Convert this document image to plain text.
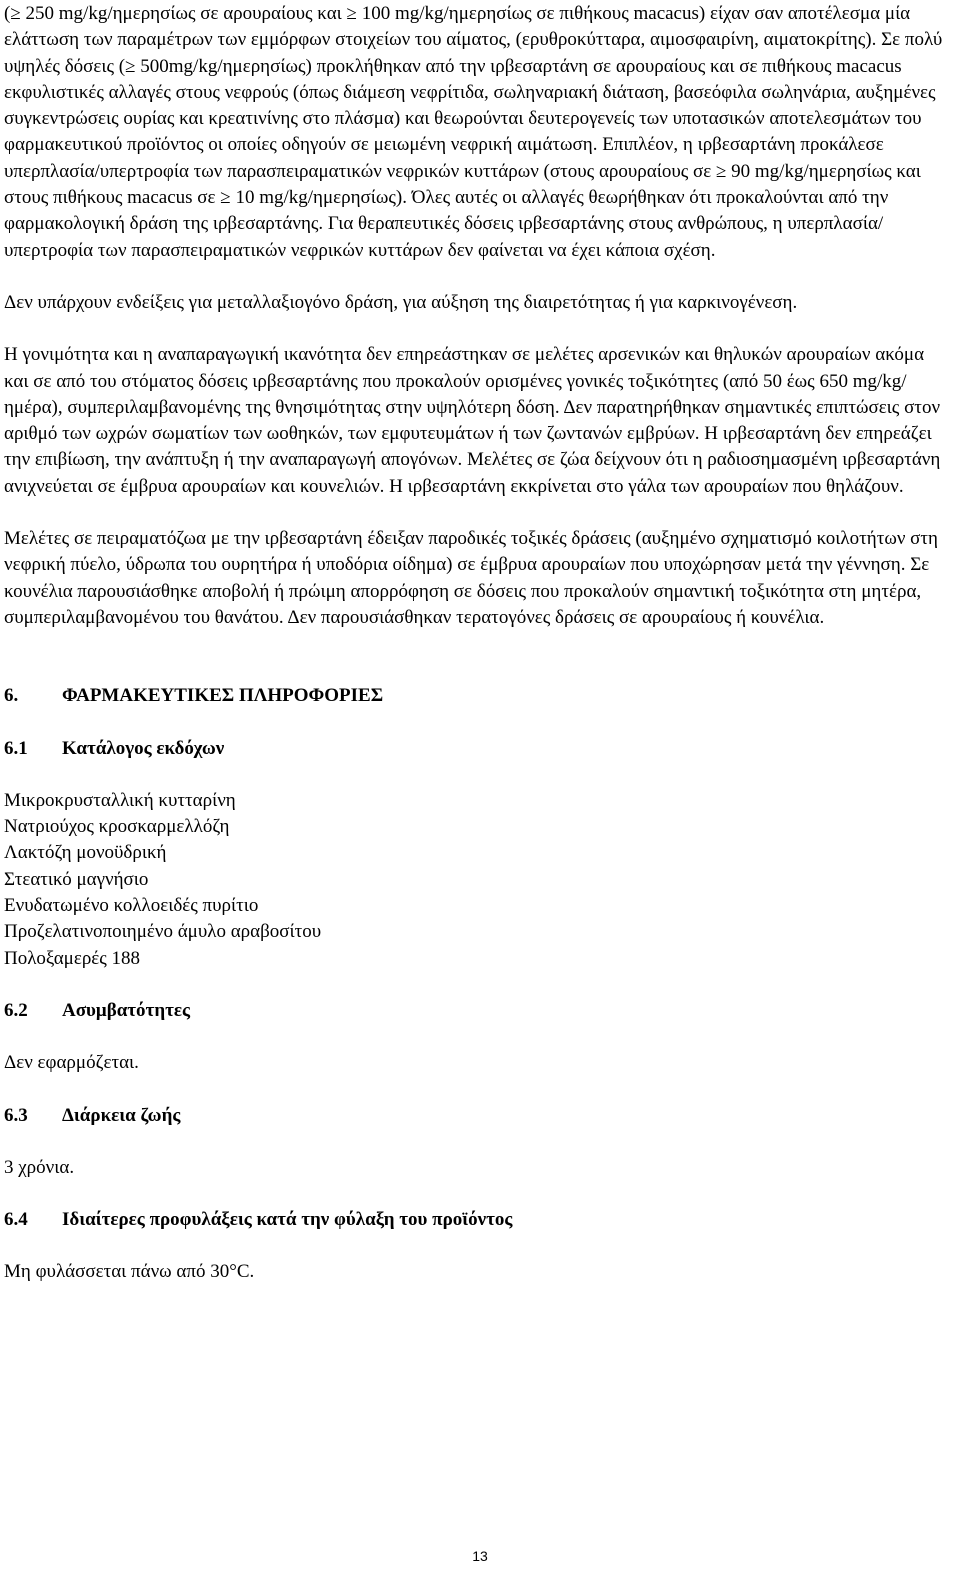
(≥ 250 mg/kg/ημερησίως σε αρουραίους και ≥ 100 mg/kg/ημερησίως σε πιθήκους macacus) είχαν σαν αποτέλεσμα μία ελάττωση των παραμέτρων των εμμόρφων στοιχείων του αίματος, (ερυθροκύτταρα, αιμοσφαιρίνη, αιματοκρίτης). Σε πολύ υψηλές δόσεις (≥ 500mg/kg/ημερησίως) προκλήθηκαν από την ιρβεσαρτάνη σε αρουραίους και σε πιθήκους macacus εκφυλιστικές αλλαγές στους νεφρούς (όπως διάμεση νεφρίτιδα, σωληναριακή διάταση, βασεόφιλα σωληνάρια, αυξημένες συγκεντρώσεις ουρίας και κρεατινίνης στο πλάσμα) και θεωρούνται δευτερογενείς των υποτασικών αποτελεσμάτων του φαρμακευτικού προϊόντος οι οποίες οδηγούν σε μειωμένη νεφρική αιμάτωση. Επιπλέον, η ιρβεσαρτάνη προκάλεσε υπερπλασία/υπερτροφία των παρασπειραματικών νεφρικών κυττάρων (στους αρουραίους σε ≥ 90 mg/kg/ημερησίως και στους πιθήκους macacus σε ≥ 10 mg/kg/ημερησίως). Όλες αυτές οι αλλαγές θεωρήθηκαν ότι προκαλούνται από την φαρμακολογική δράση της ιρβεσαρτάνης. Για θεραπευτικές δόσεις ιρβεσαρτάνης στους ανθρώπους, η υπερπλασία/υπερτροφία των παρασπειραματικών νεφρικών κυττάρων δεν φαίνεται να έχει κάποια σχέση.

Δεν υπάρχουν ενδείξεις για μεταλλαξιογόνο δράση, για αύξηση της διαιρετότητας ή για καρκινογένεση.

Η γονιμότητα και η αναπαραγωγική ικανότητα δεν επηρεάστηκαν σε μελέτες αρσενικών και θηλυκών αρουραίων ακόμα και σε από του στόματος δόσεις ιρβεσαρτάνης που προκαλούν ορισμένες γονικές τοξικότητες (από 50 έως 650 mg/kg/ημέρα), συμπεριλαμβανομένης της θνησιμότητας στην υψηλότερη δόση. Δεν παρατηρήθηκαν σημαντικές επιπτώσεις στον αριθμό των ωχρών σωματίων των ωοθηκών, των εμφυτευμάτων ή των ζωντανών εμβρύων. Η ιρβεσαρτάνη δεν επηρεάζει την επιβίωση, την ανάπτυξη ή την αναπαραγωγή απογόνων. Μελέτες σε ζώα δείχνουν ότι η ραδιοσημασμένη ιρβεσαρτάνη ανιχνεύεται σε έμβρυα αρουραίων και κουνελιών. Η ιρβεσαρτάνη εκκρίνεται στο γάλα των αρουραίων που θηλάζουν.

Μελέτες σε πειραματόζωα με την ιρβεσαρτάνη έδειξαν παροδικές τοξικές δράσεις (αυξημένο σχηματισμό κοιλοτήτων στη νεφρική πύελο, ύδρωπα του ουρητήρα ή υποδόρια οίδημα) σε έμβρυα αρουραίων που υποχώρησαν μετά την γέννηση. Σε κουνέλια παρουσιάσθηκε αποβολή ή πρώιμη απορρόφηση σε δόσεις που προκαλούν σημαντική τοξικότητα στη μητέρα, συμπεριλαμβανομένου του θανάτου. Δεν παρουσιάσθηκαν τερατογόνες δράσεις σε αρουραίους ή κουνέλια.

6.	ΦΑΡΜΑΚΕΥΤΙΚΕΣ ΠΛΗΡΟΦΟΡΙΕΣ
6.1	Κατάλογος εκδόχων
Μικροκρυσταλλική κυτταρίνη
Νατριούχος κροσκαρμελλόζη
Λακτόζη μονοϋδρική
Στεατικό μαγνήσιο
Ενυδατωμένο κολλοειδές πυρίτιο
Προζελατινοποιημένο άμυλο αραβοσίτου
Πολοξαμερές 188
6.2	Ασυμβατότητες

Δεν εφαρμόζεται.

6.3	Διάρκεια ζωής

3 χρόνια.

6.4	Ιδιαίτερες προφυλάξεις κατά την φύλαξη του προϊόντος

Μη φυλάσσεται πάνω από 30°C.

13
